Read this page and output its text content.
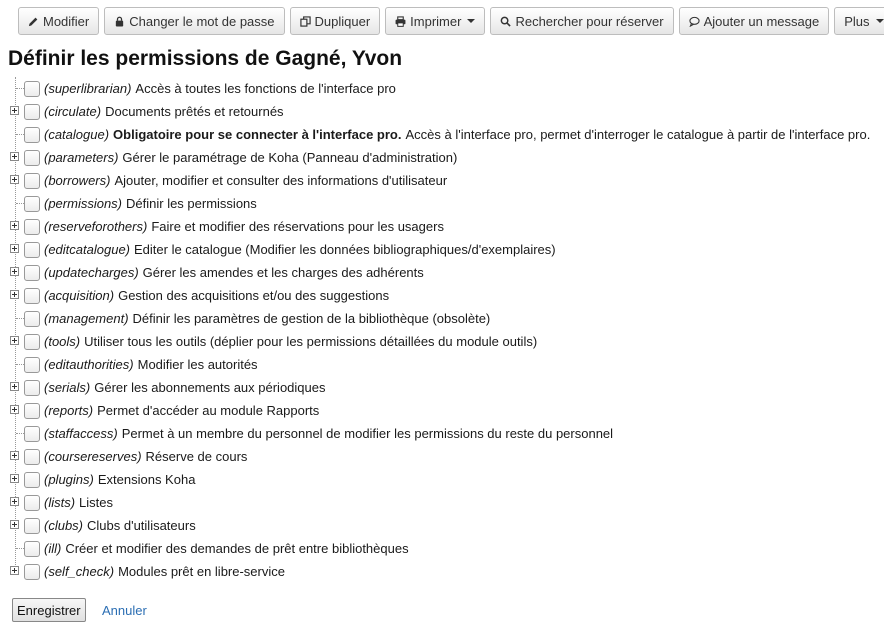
Modifier	Changer le mot de passe	Dupliquer	Imprimer	Rechercher pour réserver	Ajouter un message Plus
Définir les permissions de Gagné, Yvon
(superlibrarian) Accès à toutes les fonctions de l'interface pro
(circulate) Documents prêtés et retournés
(catalogue) Obligatoire pour se connecter à l'interface pro. Accès à l'interface pro, permet d'interroger le catalogue à partir de l'interface pro.
(parameters) Gérer le paramétrage de Koha (Panneau d'administration)
(borrowers) Ajouter, modifier et consulter des informations d'utilisateur
(permissions) Définir les permissions
(reserveforothers) Faire et modifier des réservations pour les usagers
(editcatalogue) Editer le catalogue (Modifier les données bibliographiques/d'exemplaires)
(updatecharges) Gérer les amendes et les charges des adhérents
(acquisition) Gestion des acquisitions et/ou des suggestions
(management) Définir les paramètres de gestion de la bibliothèque (obsolète)
(tools) Utiliser tous les outils (déplier pour les permissions détaillées du module outils)
(editauthorities) Modifier les autorités
(serials) Gérer les abonnements aux périodiques
(reports) Permet d'accéder au module Rapports
(staffaccess) Permet à un membre du personnel de modifier les permissions du reste du personnel
(coursereserves) Réserve de cours
(plugins) Extensions Koha
(lists) Listes
(clubs) Clubs d'utilisateurs
(ill) Créer et modifier des demandes de prêt entre bibliothèques
(self_check) Modules prêt en libre-service
Enregistrer	Annuler
